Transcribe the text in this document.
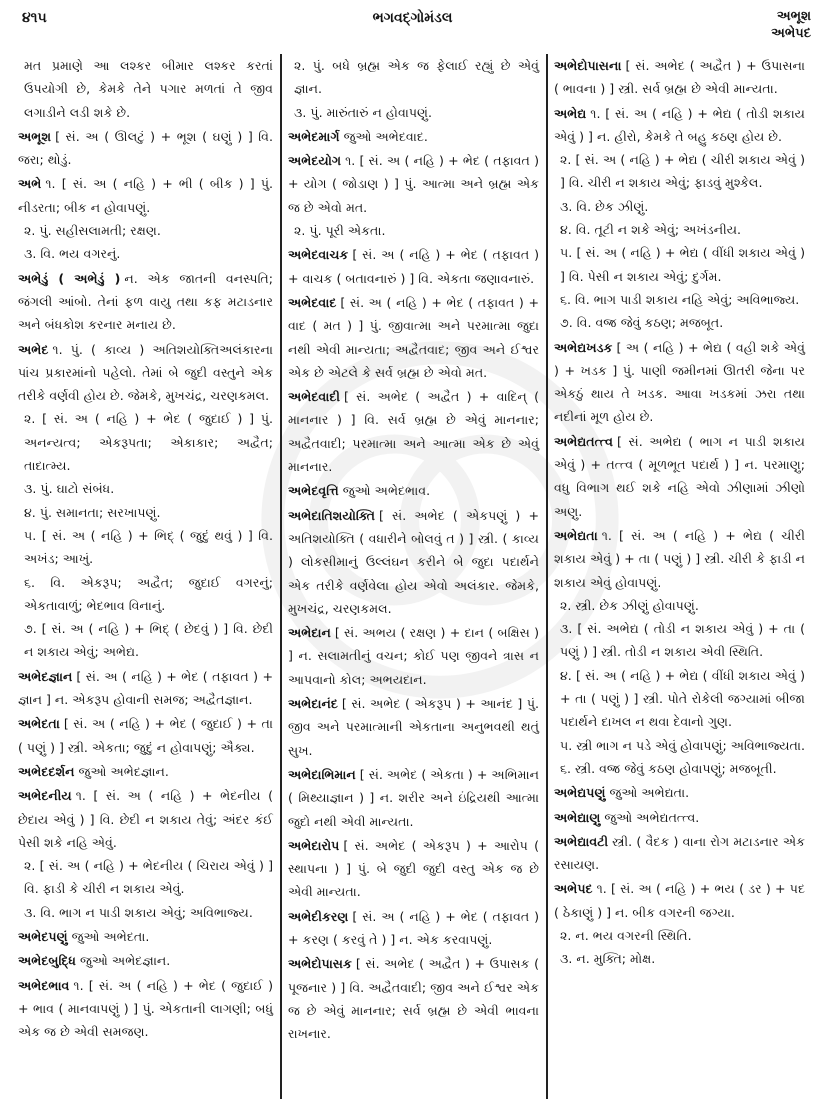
૪૧૫	ભગવદ્ગોમંડલ	અભૂશ
અભેપદ
મત પ્રમાણે આ લશ્કર બીમાર લશ્કર કરતાં ઉપયોગી છે, કેમકે તેને પગાર મળતાં તે જીવ લગાડીને લડી શકે છે.
અભૂશ [ સં. અ ( ઊલટું ) + ભૂશ ( ઘણું ) ] વિ. જરા; થોડું.
અભે ૧. [ સં. અ ( નહિ ) + ભી ( બીક ) ] પું. નીડરતા; બીક ન હોવાપણું.
૨. પું. સહીસલામતી; રક્ષણ.
૩. વિ. ભય વગરનું.
અભેડું ( અભેડું ) ન. એક જાતની વનસ્પતિ; જંગલી આંબો. તેનાં ફળ વાયુ તથા કફ મટાડનાર અને બંધકોશ કરનાર મનાય છે.
અભેદ ૧. પું. ( કાવ્ય ) અતિશયોક્તિઅલંકારના પાંચ પ્રકારમાંનો પહેલો. તેમાં બે જુદી વસ્તુને એક તરીકે વર્ણવી હોય છે. જેમકે, મુખચંદ્ર, ચરણકમલ.
૨. [ સં. અ ( નહિ ) + ભેદ ( જુદાઈ ) ] પું. અનન્યત્વ; એકરૂપતા; એકાકાર; અદ્વૈત; તાદાત્મ્ય.
૩. પું. ઘાટો સંબંધ.
૪. પું. સમાનતા; સરખાપણું.
૫. [ સં. અ ( નહિ ) + ભિદ્ ( જુદું થવું ) ] વિ. અખંડ; આખું.
૬. વિ. એકરૂપ; અદ્વૈત; જુદાઈ વગરનું; એકતાવાળું; ભેદભાવ વિનાનું.
૭. [ સં. અ ( નહિ ) + ભિદ્ ( છેદવું ) ] વિ. છેદી ન શકાય એવું; અભેદ્ય.
અભેદજ્ઞાન [ સં. અ ( નહિ ) + ભેદ ( તફાવત ) + જ્ઞાન ] ન. એકરૂપ હોવાની સમજ; અદ્વૈતજ્ઞાન.
અભેદતા [ સં. અ ( નહિ ) + ભેદ ( જુદાઈ ) + તા ( પણું ) ] સ્ત્રી. એકતા; જુદું ન હોવાપણું; ઐક્ય.
અભેદદર્શન જુઓ અભેદજ્ઞાન.
અભેદનીય ૧. [ સં. અ ( નહિ ) + ભેદનીય ( છેદાય એવું ) ] વિ. છેદી ન શકાય તેવું; અંદર કંઈ પેસી શકે નહિ એવું.
૨. [ સં. અ ( નહિ ) + ભેદનીય ( ચિરાય એવું ) ] વિ. ફાડી કે ચીરી ન શકાય એવું.
૩. વિ. ભાગ ન પાડી શકાય એવું; અવિભાજ્ય.
અભેદપણું જુઓ અભેદતા.
અભેદબુદ્ધિ જુઓ અભેદજ્ઞાન.
અભેદભાવ ૧. [ સં. અ ( નહિ ) + ભેદ ( જુદાઈ ) + ભાવ ( માનવાપણું ) ] પું. એકતાની લાગણી; બધું એક જ છે એવી સમજણ.
૨. પું. બધે બ્રહ્મ એક જ ફેલાઈ રહ્યું છે એવું જ્ઞાન.
૩. પું. મારુંતારું ન હોવાપણું.
અભેદમાર્ગ જુઓ અભેદવાદ.
અભેદયોગ ૧. [ સં. અ ( નહિ ) + ભેદ ( તફાવત ) + યોગ ( જોડાણ ) ] પું. આત્મા અને બ્રહ્મ એક જ છે એવો મત.
૨. પું. પૂરી એકતા.
અભેદવાચક [ સં. અ ( નહિ ) + ભેદ ( તફાવત ) + વાચક ( બતાવનારું ) ] વિ. એકતા જણાવનારું.
અભેદવાદ [ સં. અ ( નહિ ) + ભેદ ( તફાવત ) + વાદ ( મત ) ] પું. જીવાત્મા અને પરમાત્મા જુદા નથી એવી માન્યતા; અદ્વૈતવાદ; જીવ અને ઈશ્વર એક છે એટલે કે સર્વ બ્રહ્મ છે એવો મત.
અભેદવાદી [ સં. અભેદ ( અદ્વૈત ) + વાદિન્ ( માનનાર ) ] વિ. સર્વ બ્રહ્મ છે એવું માનનાર; અદ્વૈતવાદી; પરમાત્મા અને આત્મા એક છે એવું માનનાર.
અભેદવૃત્તિ જુઓ અભેદભાવ.
અભેદાતિશયોક્તિ [ સં. અભેદ ( એકપણું ) + અતિશયોક્તિ ( વધારીને બોલવું ત ) ] સ્ત્રી. ( કાવ્ય ) લોકસીમાનું ઉલ્લંઘન કરીને બે જુદા પદાર્થને એક તરીકે વર્ણવેલા હોય એવો અલંકાર. જેમકે, મુખચંદ્ર, ચરણકમલ.
અભેદાન [ સં. અભય ( રક્ષણ ) + દાન ( બક્ષિસ ) ] ન. સલામતીનું વચન; કોઈ પણ જીવને ત્રાસ ન આપવાનો કોલ; અભયદાન.
અભેદાનંદ [ સં. અભેદ ( એકરૂપ ) + આનંદ ] પું. જીવ અને પરમાત્માની એકતાના અનુભવથી થતું સુખ.
અભેદાભિમાન [ સં. અભેદ ( એકતા ) + અભિમાન ( મિથ્યાજ્ઞાન ) ] ન. શરીર અને ઇંદ્રિયથી આત્મા જુદો નથી એવી માન્યતા.
અભેદારોપ [ સં. અભેદ ( એકરૂપ ) + આરોપ ( સ્થાપના ) ] પું. બે જુદી જુદી વસ્તુ એક જ છે એવી માન્યતા.
અભેદીકરણ [ સં. અ ( નહિ ) + ભેદ ( તફાવત ) + કરણ ( કરવું તે ) ] ન. એક કરવાપણું.
અભેદોપાસક [ સં. અભેદ ( અદ્વૈત ) + ઉપાસક ( પૂજનાર ) ] વિ. અદ્વૈતવાદી; જીવ અને ઈશ્વર એક જ છે એવું માનનાર; સર્વ બ્રહ્મ છે એવી ભાવના રાખનાર.
અભેદોપાસના [ સં. અભેદ ( અદ્વૈત ) + ઉપાસના ( ભાવના ) ] સ્ત્રી. સર્વ બ્રહ્મ છે એવી માન્યતા.
અભેદ્ય ૧. [ સં. અ ( નહિ ) + ભેદ્ય ( તોડી શકાય એવું ) ] ન. હીરો, કેમકે તે બહુ કઠણ હોય છે.
૨. [ સં. અ ( નહિ ) + ભેદ્ય ( ચીરી શકાય એવું ) ] વિ. ચીરી ન શકાય એવું; ફાડવું મુશ્કેલ.
૩. વિ. છેક ઝીણું.
૪. વિ. તૂટી ન શકે એવું; અખંડનીય.
૫. [ સં. અ ( નહિ ) + ભેદ્ય ( વીંધી શકાય એવું ) ] વિ. પેસી ન શકાય એવું; દુર્ગમ.
૬. વિ. ભાગ પાડી શકાય નહિ એવું; અવિભાજ્ય.
૭. વિ. વજ્ર જેવું કઠણ; મજબૂત.
અભેદ્યખડક [ અ ( નહિ ) + ભેદ્ય ( વહી શકે એવું ) + ખડક ] પું. પાણી જમીનમાં ઊતરી જેના પર એકઠું થાય તે ખડક. આવા ખડકમાં ઝરા તથા નદીનાં મૂળ હોય છે.
અભેદ્યતત્ત્વ [ સં. અભેદ્ય ( ભાગ ન પાડી શકાય એવું ) + તત્ત્વ ( મૂળભૂત પદાર્થ ) ] ન. પરમાણુ; વધુ વિભાગ થઈ શકે નહિ એવો ઝીણામાં ઝીણો અણુ.
અભેદ્યતા ૧. [ સં. અ ( નહિ ) + ભેદ્ય ( ચીરી શકાય એવું ) + તા ( પણું ) ] સ્ત્રી. ચીરી કે ફાડી ન શકાય એવું હોવાપણું.
૨. સ્ત્રી. છેક ઝીણું હોવાપણું.
૩. [ સં. અભેદ્ય ( તોડી ન શકાય એવું ) + તા ( પણું ) ] સ્ત્રી. તોડી ન શકાય એવી સ્થિતિ.
૪. [ સં. અ ( નહિ ) + ભેદ્ય ( વીંધી શકાય એવું ) + તા ( પણું ) ] સ્ત્રી. પોતે રોકેલી જગ્યામાં બીજા પદાર્થને દાખલ ન થવા દેવાનો ગુણ.
૫. સ્ત્રી ભાગ ન પડે એવું હોવાપણું; અવિભાજ્યતા.
૬. સ્ત્રી. વજ્ર જેવું કઠણ હોવાપણું; મજબૂતી.
અભેદ્યપણું જુઓ અભેદ્યતા.
અભેદ્યાણુ જુઓ અભેદ્યતત્ત્વ.
અભેદ્યાવટી સ્ત્રી. ( વૈદક ) વાના રોગ મટાડનાર એક રસાયણ.
અભેપદ ૧. [ સં. અ ( નહિ ) + ભય ( ડર ) + પદ ( ઠેકાણું ) ] ન. બીક વગરની જગ્યા.
૨. ન. ભય વગરની સ્થિતિ.
૩. ન. મુક્તિ; મોક્ષ.
